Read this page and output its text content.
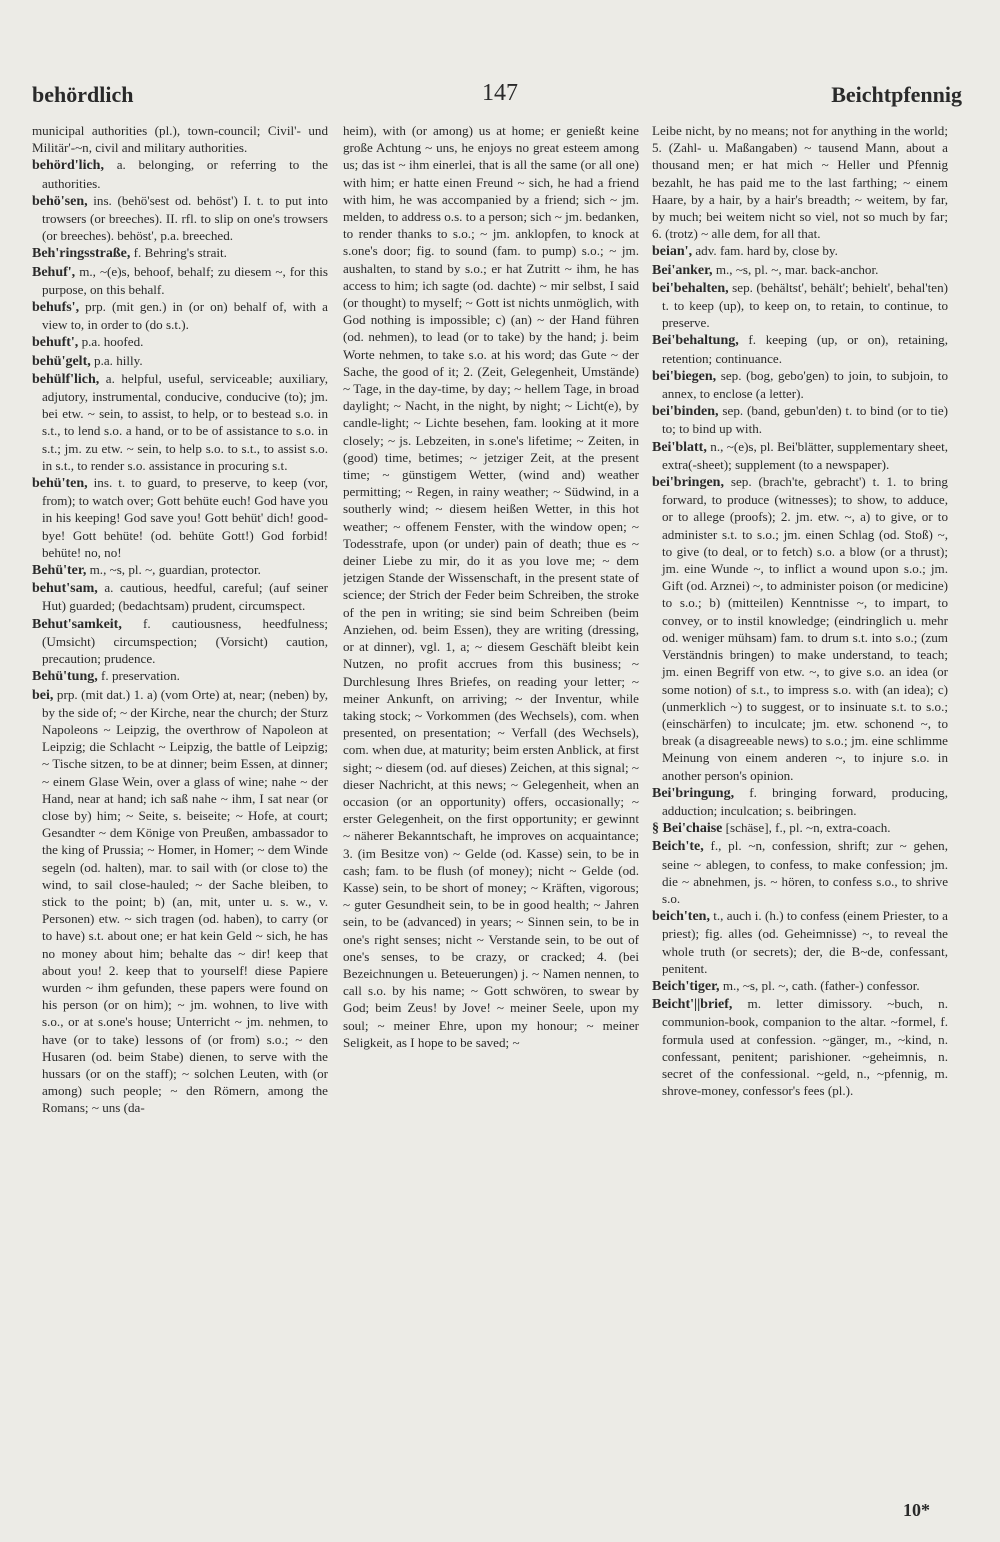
behördlich	147	Beichtpfennig

municipal authorities (pl.), town-council; Civil'- und Militär'-~n, civil and military authorities.

behörd'lich, a. belonging, or referring to the authorities.

behö'sen, ins. (behö'sest od. behöst') I. t. to put into trowsers (or breeches). II. rfl. to slip on one's trowsers (or breeches). behöst', p.a. breeched.

Beh'ringsstraße, f. Behring's strait.

Behuf', m., ~(e)s, behoof, behalf; zu diesem ~, for this purpose, on this behalf.

behufs', prp. (mit gen.) in (or on) behalf of, with a view to, in order to (do s.t.).

behuft', p.a. hoofed.

behü'gelt, p.a. hilly.

behülf'lich, a. helpful, useful, serviceable; auxiliary, adjutory, instrumental, conducive, conducive (to); jm. bei etw. ~ sein, to assist, to help, or to bestead s.o. in s.t., to lend s.o. a hand, or to be of assistance to s.o. in s.t.; jm. zu etw. ~ sein, to help s.o. to s.t., to assist s.o. in s.t., to render s.o. assistance in procuring s.t.

behü'ten, ins. t. to guard, to preserve, to keep (vor, from); to watch over; Gott behüte euch! God have you in his keeping! God save you! Gott behüt' dich! good-bye! Gott behüte! (od. behüte Gott!) God forbid! behüte! no, no!

Behü'ter, m., ~s, pl. ~, guardian, protector.

behut'sam, a. cautious, heedful, careful; (auf seiner Hut) guarded; (bedachtsam) prudent, circumspect.

Behut'samkeit, f. cautiousness, heedfulness; (Umsicht) circumspection; (Vorsicht) caution, precaution; prudence.

Behü'tung, f. preservation.

bei, prp. (mit dat.) 1. a) (vom Orte) at, near; (neben) by, by the side of; ~ der Kirche, near the church; der Sturz Napoleons ~ Leipzig, the overthrow of Napoleon at Leipzig; die Schlacht ~ Leipzig, the battle of Leipzig; ~ Tische sitzen, to be at dinner; beim Essen, at dinner; ~ einem Glase Wein, over a glass of wine; nahe ~ der Hand, near at hand; ich saß nahe ~ ihm, I sat near (or close by) him; ~ Seite, s. beiseite; ~ Hofe, at court; Gesandter ~ dem Könige von Preußen, ambassador to the king of Prussia; ~ Homer, in Homer; ~ dem Winde segeln (od. halten), mar. to sail with (or close to) the wind, to sail close-hauled; ~ der Sache bleiben, to stick to the point; b) (an, mit, unter u. s. w., v. Personen) etw. ~ sich tragen (od. haben), to carry (or to have) s.t. about one; er hat kein Geld ~ sich, he has no money about him; behalte das ~ dir! keep that about you! 2. keep that to yourself! diese Papiere wurden ~ ihm gefunden, these papers were found on his person (or on him); ~ jm. wohnen, to live with s.o., or at s.one's house; Unterricht ~ jm. nehmen, to have (or to take) lessons of (or from) s.o.; ~ den Husaren (od. beim Stabe) dienen, to serve with the hussars (or on the staff); ~ solchen Leuten, with (or among) such people; ~ den Römern, among the Romans; ~ uns (da-

heim), with (or among) us at home; er genießt keine große Achtung ~ uns, he enjoys no great esteem among us; das ist ~ ihm einerlei, that is all the same (or all one) with him; er hatte einen Freund ~ sich, he had a friend with him, he was accompanied by a friend; sich ~ jm. melden, to address o.s. to a person; sich ~ jm. bedanken, to render thanks to s.o.; ~ jm. anklopfen, to knock at s.one's door; fig. to sound (fam. to pump) s.o.; ~ jm. aushalten, to stand by s.o.; er hat Zutritt ~ ihm, he has access to him; ich sagte (od. dachte) ~ mir selbst, I said (or thought) to myself; ~ Gott ist nichts unmöglich, with God nothing is impossible; c) (an) ~ der Hand führen (od. nehmen), to lead (or to take) by the hand; j. beim Worte nehmen, to take s.o. at his word; das Gute ~ der Sache, the good of it; 2. (Zeit, Gelegenheit, Umstände) ~ Tage, in the day-time, by day; ~ hellem Tage, in broad daylight; ~ Nacht, in the night, by night; ~ Licht(e), by candle-light; ~ Lichte besehen, fam. looking at it more closely; ~ js. Lebzeiten, in s.one's lifetime; ~ Zeiten, in (good) time, betimes; ~ jetziger Zeit, at the present time; ~ günstigem Wetter, (wind and) weather permitting; ~ Regen, in rainy weather; ~ Südwind, in a southerly wind; ~ diesem heißen Wetter, in this hot weather; ~ offenem Fenster, with the window open; ~ Todesstrafe, upon (or under) pain of death; thue es ~ deiner Liebe zu mir, do it as you love me; ~ dem jetzigen Stande der Wissenschaft, in the present state of science; der Strich der Feder beim Schreiben, the stroke of the pen in writing; sie sind beim Schreiben (beim Anziehen, od. beim Essen), they are writing (dressing, or at dinner), vgl. 1, a; ~ diesem Geschäft bleibt kein Nutzen, no profit accrues from this business; ~ Durchlesung Ihres Briefes, on reading your letter; ~ meiner Ankunft, on arriving; ~ der Inventur, while taking stock; ~ Vorkommen (des Wechsels), com. when presented, on presentation; ~ Verfall (des Wechsels), com. when due, at maturity; beim ersten Anblick, at first sight; ~ diesem (od. auf dieses) Zeichen, at this signal; ~ dieser Nachricht, at this news; ~ Gelegenheit, when an occasion (or an opportunity) offers, occasionally; ~ erster Gelegenheit, on the first opportunity; er gewinnt ~ näherer Bekanntschaft, he improves on acquaintance; 3. (im Besitze von) ~ Gelde (od. Kasse) sein, to be in cash; fam. to be flush (of money); nicht ~ Gelde (od. Kasse) sein, to be short of money; ~ Kräften, vigorous; ~ guter Gesundheit sein, to be in good health; ~ Jahren sein, to be (advanced) in years; ~ Sinnen sein, to be in one's right senses; nicht ~ Verstande sein, to be out of one's senses, to be crazy, or cracked; 4. (bei Bezeichnungen u. Beteuerungen) j. ~ Namen nennen, to call s.o. by his name; ~ Gott schwören, to swear by God; beim Zeus! by Jove! ~ meiner Seele, upon my soul; ~ meiner Ehre, upon my honour; ~ meiner Seligkeit, as I hope to be saved; ~

Leibe nicht, by no means; not for anything in the world; 5. (Zahl- u. Maßangaben) ~ tausend Mann, about a thousand men; er hat mich ~ Heller und Pfennig bezahlt, he has paid me to the last farthing; ~ einem Haare, by a hair, by a hair's breadth; ~ weitem, by far, by much; bei weitem nicht so viel, not so much by far; 6. (trotz) ~ alle dem, for all that.

beian', adv. fam. hard by, close by.

Bei'anker, m., ~s, pl. ~, mar. back-anchor.

bei'behalten, sep. (behältst', behält'; behielt', behal'ten) t. to keep (up), to keep on, to retain, to continue, to preserve.

Bei'behaltung, f. keeping (up, or on), retaining, retention; continuance.

bei'biegen, sep. (bog, gebo'gen) to join, to subjoin, to annex, to enclose (a letter).

bei'binden, sep. (band, gebun'den) t. to bind (or to tie) to; to bind up with.

Bei'blatt, n., ~(e)s, pl. Bei'blätter, supplementary sheet, extra(-sheet); supplement (to a newspaper).

bei'bringen, sep. (brach'te, gebracht') t. 1. to bring forward, to produce (witnesses); to show, to adduce, or to allege (proofs); 2. jm. etw. ~, a) to give, or to administer s.t. to s.o.; jm. einen Schlag (od. Stoß) ~, to give (to deal, or to fetch) s.o. a blow (or a thrust); jm. eine Wunde ~, to inflict a wound upon s.o.; jm. Gift (od. Arznei) ~, to administer poison (or medicine) to s.o.; b) (mitteilen) Kenntnisse ~, to impart, to convey, or to instil knowledge; (eindringlich u. mehr od. weniger mühsam) fam. to drum s.t. into s.o.; (zum Verständnis bringen) to make understand, to teach; jm. einen Begriff von etw. ~, to give s.o. an idea (or some notion) of s.t., to impress s.o. with (an idea); c) (unmerklich ~) to suggest, or to insinuate s.t. to s.o.; (einschärfen) to inculcate; jm. etw. schonend ~, to break (a disagreeable news) to s.o.; jm. eine schlimme Meinung von einem anderen ~, to injure s.o. in another person's opinion.

Bei'bringung, f. bringing forward, producing, adduction; inculcation; s. beibringen.

§ Bei'chaise [schäse], f., pl. ~n, extra-coach.

Beich'te, f., pl. ~n, confession, shrift; zur ~ gehen, seine ~ ablegen, to confess, to make confession; jm. die ~ abnehmen, js. ~ hören, to confess s.o., to shrive s.o.

beich'ten, t., auch i. (h.) to confess (einem Priester, to a priest); fig. alles (od. Geheimnisse) ~, to reveal the whole truth (or secrets); der, die B~de, confessant, penitent.

Beich'tiger, m., ~s, pl. ~, cath. (father-) confessor.

Beicht'||brief, m. letter dimissory. ~buch, n. communion-book, companion to the altar. ~formel, f. formula used at confession. ~gänger, m., ~kind, n. confessant, penitent; parishioner. ~geheimnis, n. secret of the confessional. ~geld, n., ~pfennig, m. shrove-money, confessor's fees (pl.).

10*
